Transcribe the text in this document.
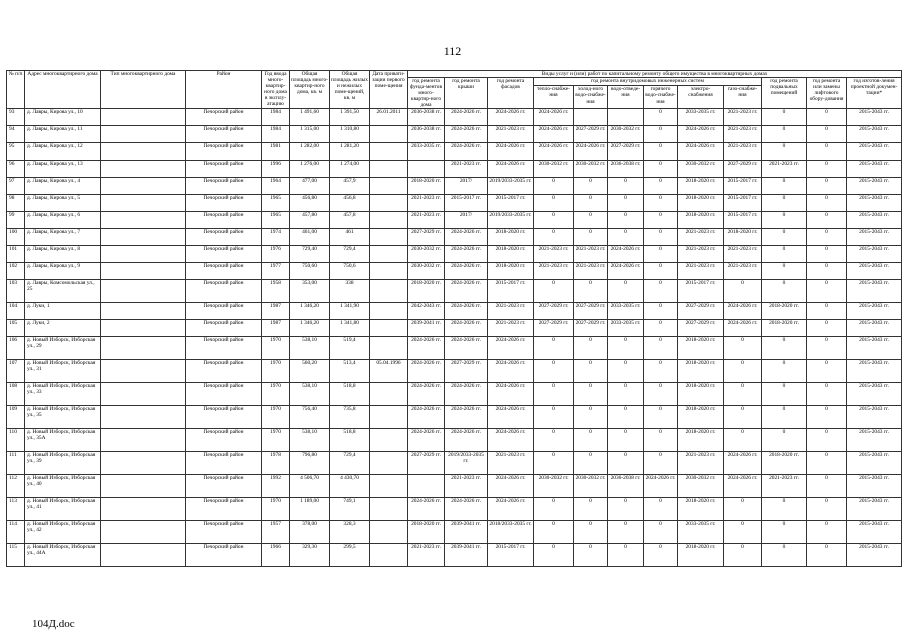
112
№ п/п	Адрес многоквартирного дома	Тип многоквартирного дома	Район	Год ввода много-квартир-ного дома в эксплу-атацию	Общая площадь много-квартир-ного дома, кв. м	Общая площадь жилых и нежилых поме-щений, кв. м	Дата привати-зации первого поме-щения	Виды услуг и (или) работ по капитальному ремонту общего имущества в многоквартирных домах											
								год ремонта фунда-ментов много-квартир-ного дома	год ремонта крыши	год ремонта фасадов	год ремонта внутридомовых инженерных систем						год ремонта подвальных помещений	год ремонта или замены лифтового обору-дования	год изготов-ления проектной докумен-тации*
											тепло-снабже-ния	холод-ного водо-снабже-ния	водо-отведе-ния	горячего водо-снабже-ния	электро-снабжения	газо-снабже-ния			
93	д. Лавры, Кирова ул., 10		Печорский район	1984	1 491,60	1 391,50	26.01.2011	2036-2038 гг.	2024-2026 гг.	2024-2026 гг.	2024-2026 гг.			0	2033-2035 гг.	2021-2023 гг.	0	0	2015-2043 гг.
94	д. Лавры, Кирова ул., 11		Печорский район	1984	1 315,00	1 310,80		2036-2038 гг.	2024-2026 гг.	2021-2023 гг.	2024-2026 гг.	2027-2029 гг.	2030-2032 гг.	0	2024-2026 гг.	2021-2023 гг.	0	0	2015-2043 гг.
95	д. Лавры, Кирова ул., 12		Печорский район	1981	1 282,00	1 281,20		2033-2035 гг.	2024-2026 гг.	2024-2026 гг.	2024-2026 гг.	2024-2026 гг.	2027-2029 гг.	0	2024-2026 гг.	2021-2023 гг.	0	0	2015-2043 гг.
96	д. Лавры, Кирова ул., 13		Печорский район	1996	1 276,00	1 274,00			2021-2023 гг.	2024-2026 гг.	2030-2032 гг.	2030-2032 гг.	2036-2038 гг.	0	2030-2032 гг.	2027-2029 гг.	2021-2023 гг.	0	2015-2043 гг.
97	д. Лавры, Кирова ул., 4		Печорский район	1964	477,00	457,9		2018-2020 гг.	2017/	2019/2033-2035 гг.	0	0	0	0	2018-2020 гг.	2015-2017 гг.	0	0	2015-2043 гг.
98	д. Лавры, Кирова ул., 5		Печорский район	1965	456,80	456,8		2021-2023 гг.	2015-2017 гг.	2015-2017 гг.	0	0	0	0	2018-2020 гг.	2015-2017 гг.	0	0	2015-2043 гг.
99	д. Лавры, Кирова ул., 6		Печорский район	1965	457,80	457,8		2021-2023 гг.	2017/	2019/2033-2035 гг.	0	0	0	0	2018-2020 гг.	2015-2017 гг.	0	0	2015-2043 гг.
100	д. Лавры, Кирова ул., 7		Печорский район	1974	461,00	461		2027-2029 гг.	2024-2026 гг.	2018-2020 гг.	0	0	0	0	2021-2023 гг.	2018-2020 гг.	0	0	2015-2043 гг.
101	д. Лавры, Кирова ул., 8		Печорский район	1976	729,40	729,4		2030-2032 гг.	2024-2026 гг.	2018-2020 гг.	2021-2023 гг.	2021-2023 гг.	2024-2026 гг.	0	2021-2023 гг.	2021-2023 гг.	0	0	2015-2043 гг.
102	д. Лавры, Кирова ул., 9		Печорский район	1977	750,60	750,6		2030-2032 гг.	2024-2026 гг.	2018-2020 гг.	2021-2023 гг.	2021-2023 гг.	2024-2026 гг.	0	2021-2023 гг.	2021-2023 гг.	0	0	2015-2043 гг.
103	д. Лавры, Комсомольская ул., 25		Печорский район	1958	353,00	338		2018-2020 гг.	2024-2026 гг.	2015-2017 гг.	0	0	0	0	2015-2017 гг.	0	0	0	2015-2043 гг.
104	д. Луки, 1		Печорский район	1987	1 346,20	1 341,90		2042-2043 гг.	2024-2026 гг.	2021-2023 гг.	2027-2029 гг.	2027-2029 гг.	2033-2035 гг.	0	2027-2029 гг.	2024-2026 гг.	2018-2020 гг.	0	2015-2043 гг.
105	д. Луки, 2		Печорский район	1987	1 346,20	1 341,80		2039-2041 гг.	2024-2026 гг.	2021-2023 гг.	2027-2029 гг.	2027-2029 гг.	2033-2035 гг.	0	2027-2029 гг.	2024-2026 гг.	2018-2020 гг.	0	2015-2043 гг.
106	д. Новый Изборск, Изборская ул., 29		Печорский район	1970	538,10	519,4		2024-2026 гг.	2024-2026 гг.	2024-2026 гг.	0	0	0	0	2018-2020 гг.	0	0	0	2015-2043 гг.
107	д. Новый Изборск, Изборская ул., 31		Печорский район	1970	560,20	513,4	05.04.1996	2024-2026 гг.	2027-2029 гг.	2024-2026 гг.	0	0	0	0	2018-2020 гг.	0	0	0	2015-2043 гг.
108	д. Новый Изборск, Изборская ул., 33		Печорский район	1970	538,10	518,8		2024-2026 гг.	2024-2026 гг.	2024-2026 гг.	0	0	0	0	2018-2020 гг.	0	0	0	2015-2043 гг.
109	д. Новый Изборск, Изборская ул., 35		Печорский район	1970	756,40	735,8		2024-2026 гг.	2024-2026 гг.	2024-2026 гг.	0	0	0	0	2018-2020 гг.	0	0	0	2015-2043 гг.
110	д. Новый Изборск, Изборская ул., 35А		Печорский район	1970	538,10	518,8		2024-2026 гг.	2024-2026 гг.	2024-2026 гг.	0	0	0	0	2018-2020 гг.	0	0	0	2015-2043 гг.
111	д. Новый Изборск, Изборская ул., 39		Печорский район	1978	796,80	729,4		2027-2029 гг.	2019/2033-2035 гг.	2021-2023 гг.	0	0	0	0	2021-2023 гг.	2024-2026 гг.	2018-2020 гг.	0	2015-2043 гг.
112	д. Новый Изборск, Изборская ул., 40		Печорский район	1992	4 506,70	4 430,70			2021-2023 гг.	2024-2026 гг.	2030-2032 гг.	2030-2032 гг.	2036-2038 гг.	2024-2026 гг.	2030-2032 гг.	2024-2026 гг.	2021-2023 гг.	0	2015-2043 гг.
113	д. Новый Изборск, Изборская ул., 41		Печорский район	1970	1 189,00	749,1		2024-2026 гг.	2024-2026 гг.	2024-2026 гг.	0	0	0	0	2018-2020 гг.	0	0	0	2015-2043 гг.
114	д. Новый Изборск, Изборская ул., 42		Печорский район	1957	378,00	328,3		2018-2020 гг.	2039-2041 гг.	2018/2033-2035 гг.	0	0	0	0	2033-2035 гг.	0	0	0	2015-2043 гг.
115	д. Новый Изборск, Изборская ул., 44А		Печорский район	1966	329,30	299,5		2021-2023 гг.	2039-2041 гг.	2015-2017 гг.	0	0	0	0	2018-2020 гг.	0	0	0	2015-2043 гг.
104Д.doc
